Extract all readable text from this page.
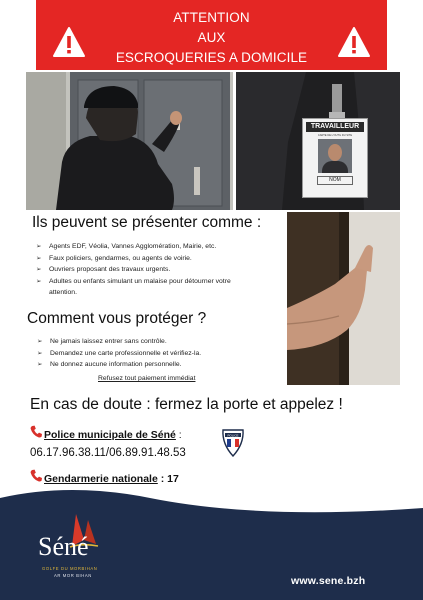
ATTENTION
AUX
ESCROQUERIES A DOMICILE
TRAVAILLEUR
CARTE DE L'OUTIL DU SITE
NOM
Ils peuvent se présenter comme :
➢ Agents EDF, Véolia, Vannes Agglomération, Mairie, etc.
➢ Faux policiers, gendarmes, ou agents de voirie.
➢ Ouvriers proposant des travaux urgents.
➢ Adultes ou enfants simulant un malaise pour détourner votre
attention.
Comment vous protéger ?
➢ Ne jamais laissez entrer sans contrôle.
➢ Demandez une carte professionnelle et vérifiez-la.
➢ Ne donnez aucune information personnelle.
Refusez tout paiement immédiat
En cas de doute : fermez la porte et appelez !
Police municipale de Séné :
06.17.96.38.11/06.89.91.48.53
POLICE
Gendarmerie nationale : 17
Séné
GOLFE DU MORBIHAN
AR MOR BIHAN	www.sene.bzh
